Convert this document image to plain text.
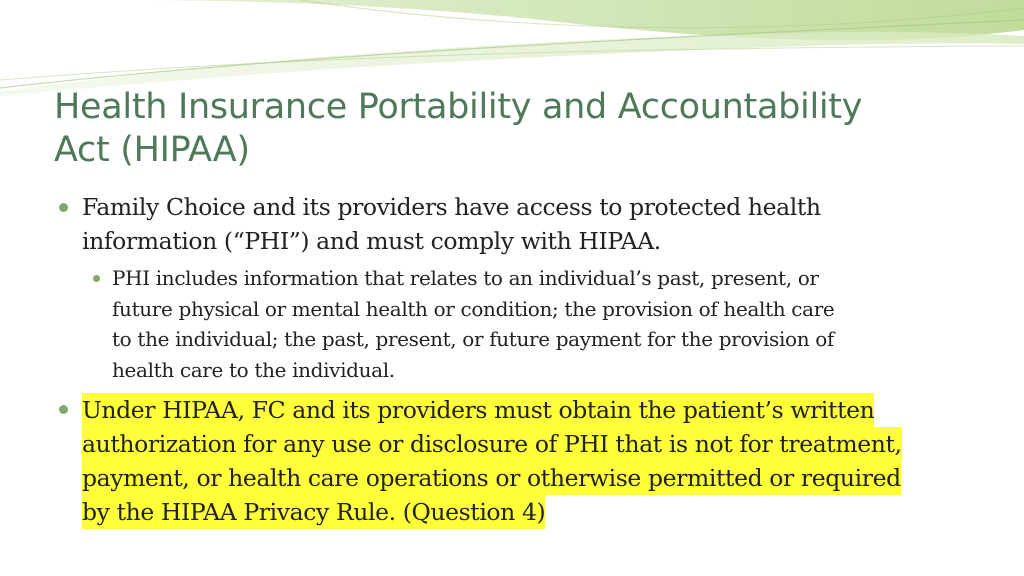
Health Insurance Portability and Accountability
Act (HIPAA)
Family Choice and its providers have access to protected health
information (“PHI”) and must comply with HIPAA.
PHI includes information that relates to an individual’s past, present, or
future physical or mental health or condition; the provision of health care
to the individual; the past, present, or future payment for the provision of
health care to the individual.
Under HIPAA, FC and its providers must obtain the patient’s written
authorization for any use or disclosure of PHI that is not for treatment,
payment, or health care operations or otherwise permitted or required
by the HIPAA Privacy Rule. (Question 4)
